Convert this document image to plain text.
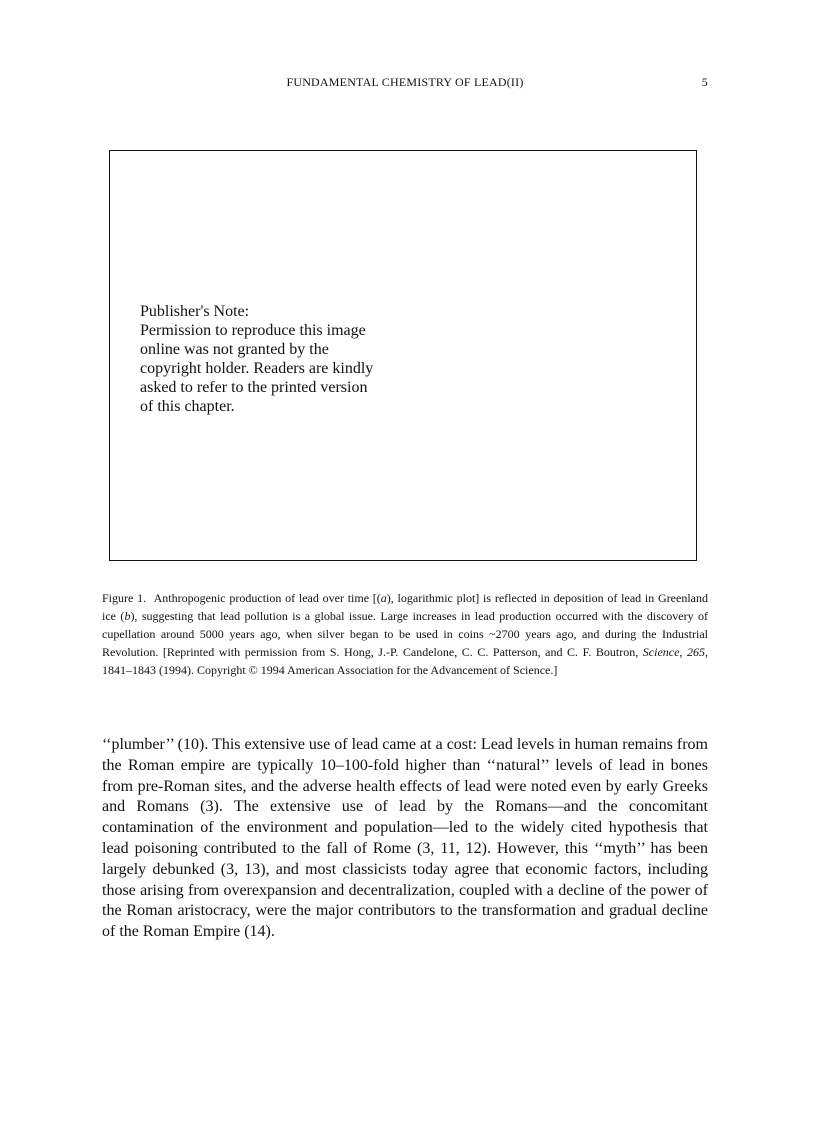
FUNDAMENTAL CHEMISTRY OF LEAD(II)	5
Publisher's Note:
Permission to reproduce this image
online was not granted by the
copyright holder. Readers are kindly
asked to refer to the printed version
of this chapter.

Figure 1. Anthropogenic production of lead over time [(a), logarithmic plot] is reflected in deposition of lead in Greenland ice (b), suggesting that lead pollution is a global issue. Large increases in lead production occurred with the discovery of cupellation around 5000 years ago, when silver began to be used in coins ~2700 years ago, and during the Industrial Revolution. [Reprinted with permission from S. Hong, J.-P. Candelone, C. C. Patterson, and C. F. Boutron, Science, 265, 1841–1843 (1994). Copyright © 1994 American Association for the Advancement of Science.]

‘‘plumber’’ (10). This extensive use of lead came at a cost: Lead levels in human remains from the Roman empire are typically 10–100-fold higher than ‘‘natural’’ levels of lead in bones from pre-Roman sites, and the adverse health effects of lead were noted even by early Greeks and Romans (3). The extensive use of lead by the Romans—and the concomitant contamination of the environment and population—led to the widely cited hypothesis that lead poisoning contributed to the fall of Rome (3, 11, 12). However, this ‘‘myth’’ has been largely debunked (3, 13), and most classicists today agree that economic factors, including those arising from overexpansion and decentralization, coupled with a decline of the power of the Roman aristocracy, were the major contributors to the transformation and gradual decline of the Roman Empire (14).
